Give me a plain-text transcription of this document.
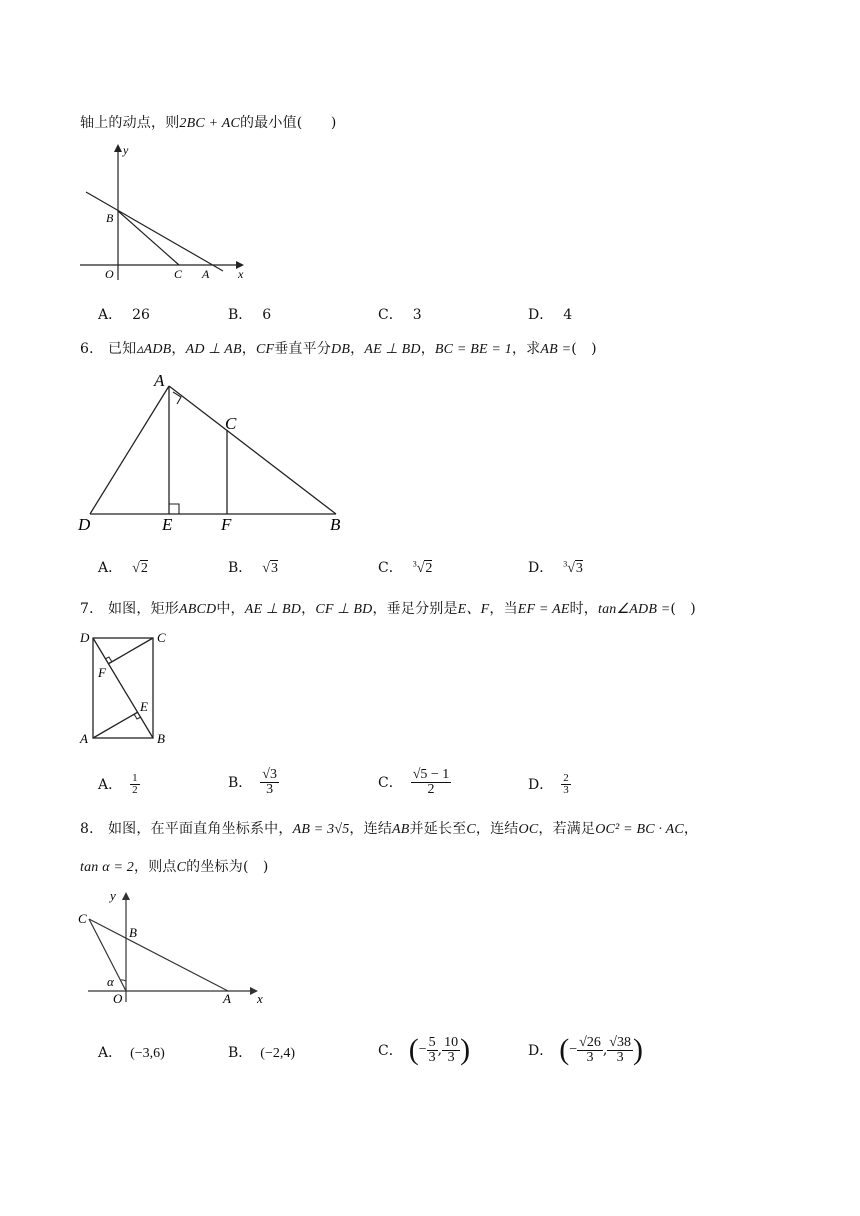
轴上的动点，则2BC + AC的最小值(　　)
y
x
B
O	C A
A． 26	B． 6	C． 3	D． 4
6． 已知▵ADB，AD ⊥ AB，CF垂直平分DB，AE ⊥ BD，BC = BE = 1，求AB =(　)
A
C
D	E	F	B
A． √2	B． √3	C． $^3$√2	D． $^3$√3
7． 如图，矩形ABCD中，AE ⊥ BD，CF ⊥ BD，垂足分别是E、F，当EF = AE时，tan∠ADB =(　)
D	C
F
E
A	B
A． $\frac{1}{2}$	B． $\frac{√3}{3}$	C． $\frac{√5 - 1}{2}$	D． $\frac{2}{3}$
8． 如图，在平面直角坐标系中，AB = 3√5，连结AB并延长至C，连结OC，若满足OC² = BC · AC，
tan α = 2，则点C的坐标为(　)
y
C
B
α
O	A x
A． (−3,6)	B． (−2,4)	C． ( − $\frac{5}{3}$ , $\frac{10}{3}$ )	D． ( − $\frac{√26}{3}$ , $\frac{√38}{3}$ )
